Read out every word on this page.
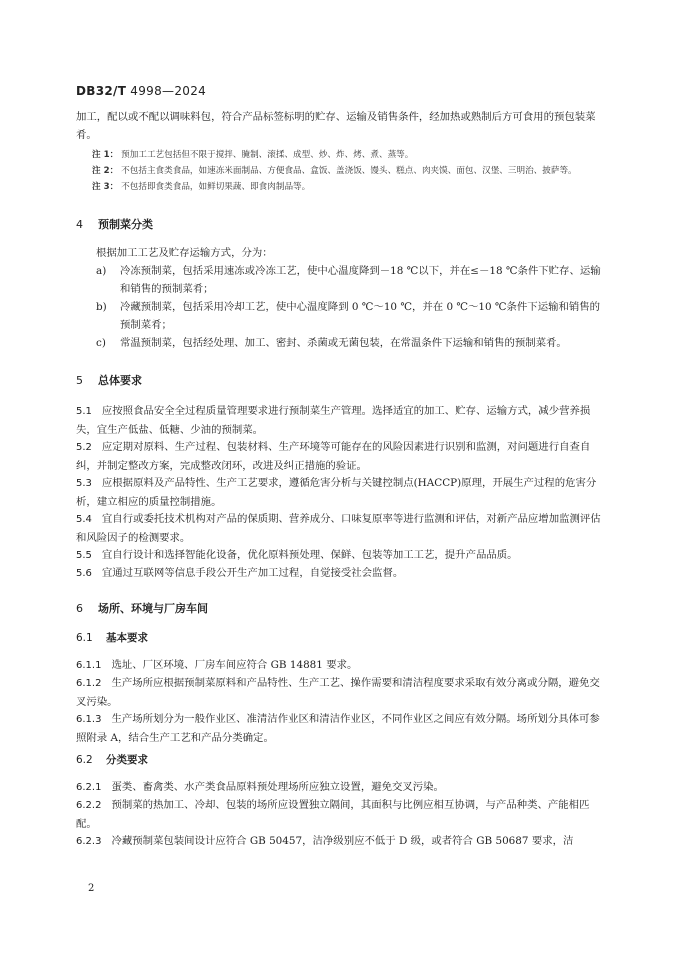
DB32/T 4998—2024
加工，配以或不配以调味料包，符合产品标签标明的贮存、运输及销售条件，经加热或熟制后方可食用的预包装菜肴。
注 1： 预加工工艺包括但不限于搅拌、腌制、滚揉、成型、炒、炸、烤、煮、蒸等。
注 2： 不包括主食类食品，如速冻米面制品、方便食品、盒饭、盖浇饭、馒头、糕点、肉夹馍、面包、汉堡、三明治、披萨等。
注 3： 不包括即食类食品，如鲜切果蔬、即食肉制品等。
4 预制菜分类
根据加工工艺及贮存运输方式，分为：
a)	冷冻预制菜，包括采用速冻或冷冻工艺，使中心温度降到－18 ℃以下，并在≤－18 ℃条件下贮存、运输和销售的预制菜肴；
b)	冷藏预制菜，包括采用冷却工艺，使中心温度降到 0 ℃～10 ℃，并在 0 ℃～10 ℃条件下运输和销售的预制菜肴；
c)	常温预制菜，包括经处理、加工、密封、杀菌或无菌包装，在常温条件下运输和销售的预制菜肴。
5 总体要求
5.1 应按照食品安全全过程质量管理要求进行预制菜生产管理。选择适宜的加工、贮存、运输方式，减少营养损失，宜生产低盐、低糖、少油的预制菜。
5.2 应定期对原料、生产过程、包装材料、生产环境等可能存在的风险因素进行识别和监测，对问题进行自查自纠，并制定整改方案，完成整改闭环，改进及纠正措施的验证。
5.3 应根据原料及产品特性、生产工艺要求，遵循危害分析与关键控制点(HACCP)原理，开展生产过程的危害分析，建立相应的质量控制措施。
5.4 宜自行或委托技术机构对产品的保质期、营养成分、口味复原率等进行监测和评估，对新产品应增加监测评估和风险因子的检测要求。
5.5 宜自行设计和选择智能化设备，优化原料预处理、保鲜、包装等加工工艺，提升产品品质。
5.6 宜通过互联网等信息手段公开生产加工过程，自觉接受社会监督。
6 场所、环境与厂房车间
6.1 基本要求
6.1.1 选址、厂区环境、厂房车间应符合 GB 14881 要求。
6.1.2 生产场所应根据预制菜原料和产品特性、生产工艺、操作需要和清洁程度要求采取有效分离或分隔，避免交叉污染。
6.1.3 生产场所划分为一般作业区、准清洁作业区和清洁作业区，不同作业区之间应有效分隔。场所划分具体可参照附录 A，结合生产工艺和产品分类确定。
6.2 分类要求
6.2.1 蛋类、畜禽类、水产类食品原料预处理场所应独立设置，避免交叉污染。
6.2.2 预制菜的热加工、冷却、包装的场所应设置独立隔间，其面积与比例应相互协调，与产品种类、产能相匹配。
6.2.3 冷藏预制菜包装间设计应符合 GB 50457，洁净级别应不低于 D 级，或者符合 GB 50687 要求，洁
2
